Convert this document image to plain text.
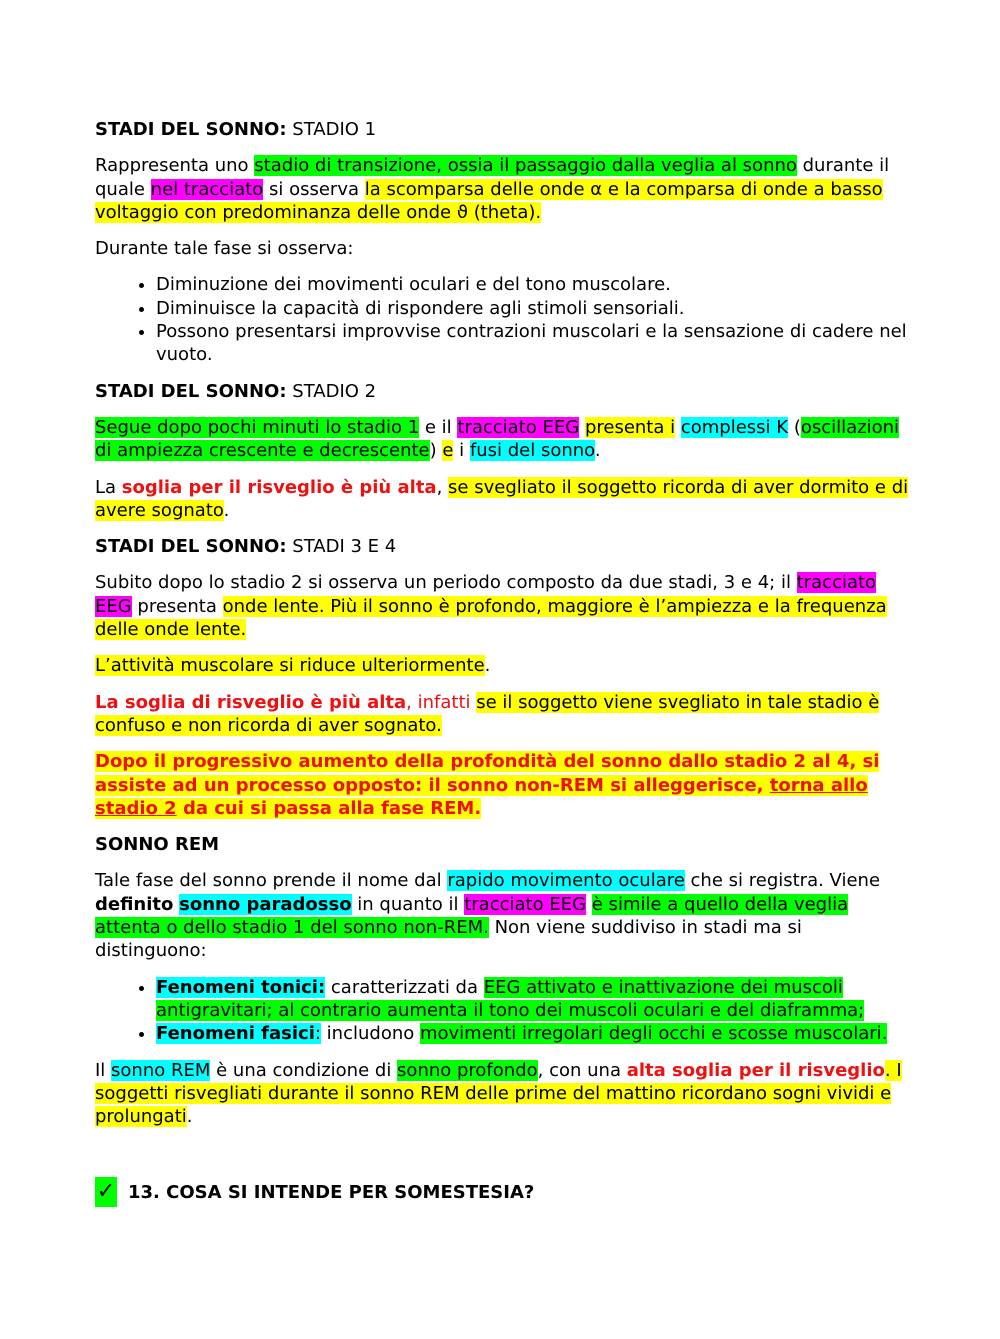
STADI DEL SONNO: STADIO 1

Rappresenta uno stadio di transizione, ossia il passaggio dalla veglia al sonno durante il quale nel tracciato si osserva la scomparsa delle onde α e la comparsa di onde a basso voltaggio con predominanza delle onde ϑ (theta).

Durante tale fase si osserva:

• Diminuzione dei movimenti oculari e del tono muscolare.
• Diminuisce la capacità di rispondere agli stimoli sensoriali.
• Possono presentarsi improvvise contrazioni muscolari e la sensazione di cadere nel vuoto.

STADI DEL SONNO: STADIO 2

Segue dopo pochi minuti lo stadio 1 e il tracciato EEG presenta i complessi K (oscillazioni di ampiezza crescente e decrescente) e i fusi del sonno.

La soglia per il risveglio è più alta, se svegliato il soggetto ricorda di aver dormito e di avere sognato.

STADI DEL SONNO: STADI 3 E 4

Subito dopo lo stadio 2 si osserva un periodo composto da due stadi, 3 e 4; il tracciato EEG presenta onde lente. Più il sonno è profondo, maggiore è l’ampiezza e la frequenza delle onde lente.

L’attività muscolare si riduce ulteriormente.

La soglia di risveglio è più alta, infatti se il soggetto viene svegliato in tale stadio è confuso e non ricorda di aver sognato.

Dopo il progressivo aumento della profondità del sonno dallo stadio 2 al 4, si assiste ad un processo opposto: il sonno non-REM si alleggerisce, torna allo stadio 2 da cui si passa alla fase REM.

SONNO REM

Tale fase del sonno prende il nome dal rapido movimento oculare che si registra. Viene definito sonno paradosso in quanto il tracciato EEG è simile a quello della veglia attenta o dello stadio 1 del sonno non-REM. Non viene suddiviso in stadi ma si distinguono:

• Fenomeni tonici: caratterizzati da EEG attivato e inattivazione dei muscoli antigravitari; al contrario aumenta il tono dei muscoli oculari e del diaframma;
• Fenomeni fasici: includono movimenti irregolari degli occhi e scosse muscolari.

Il sonno REM è una condizione di sonno profondo, con una alta soglia per il risveglio. I soggetti risvegliati durante il sonno REM delle prime del mattino ricordano sogni vividi e prolungati.

✓ 13. COSA SI INTENDE PER SOMESTESIA?
